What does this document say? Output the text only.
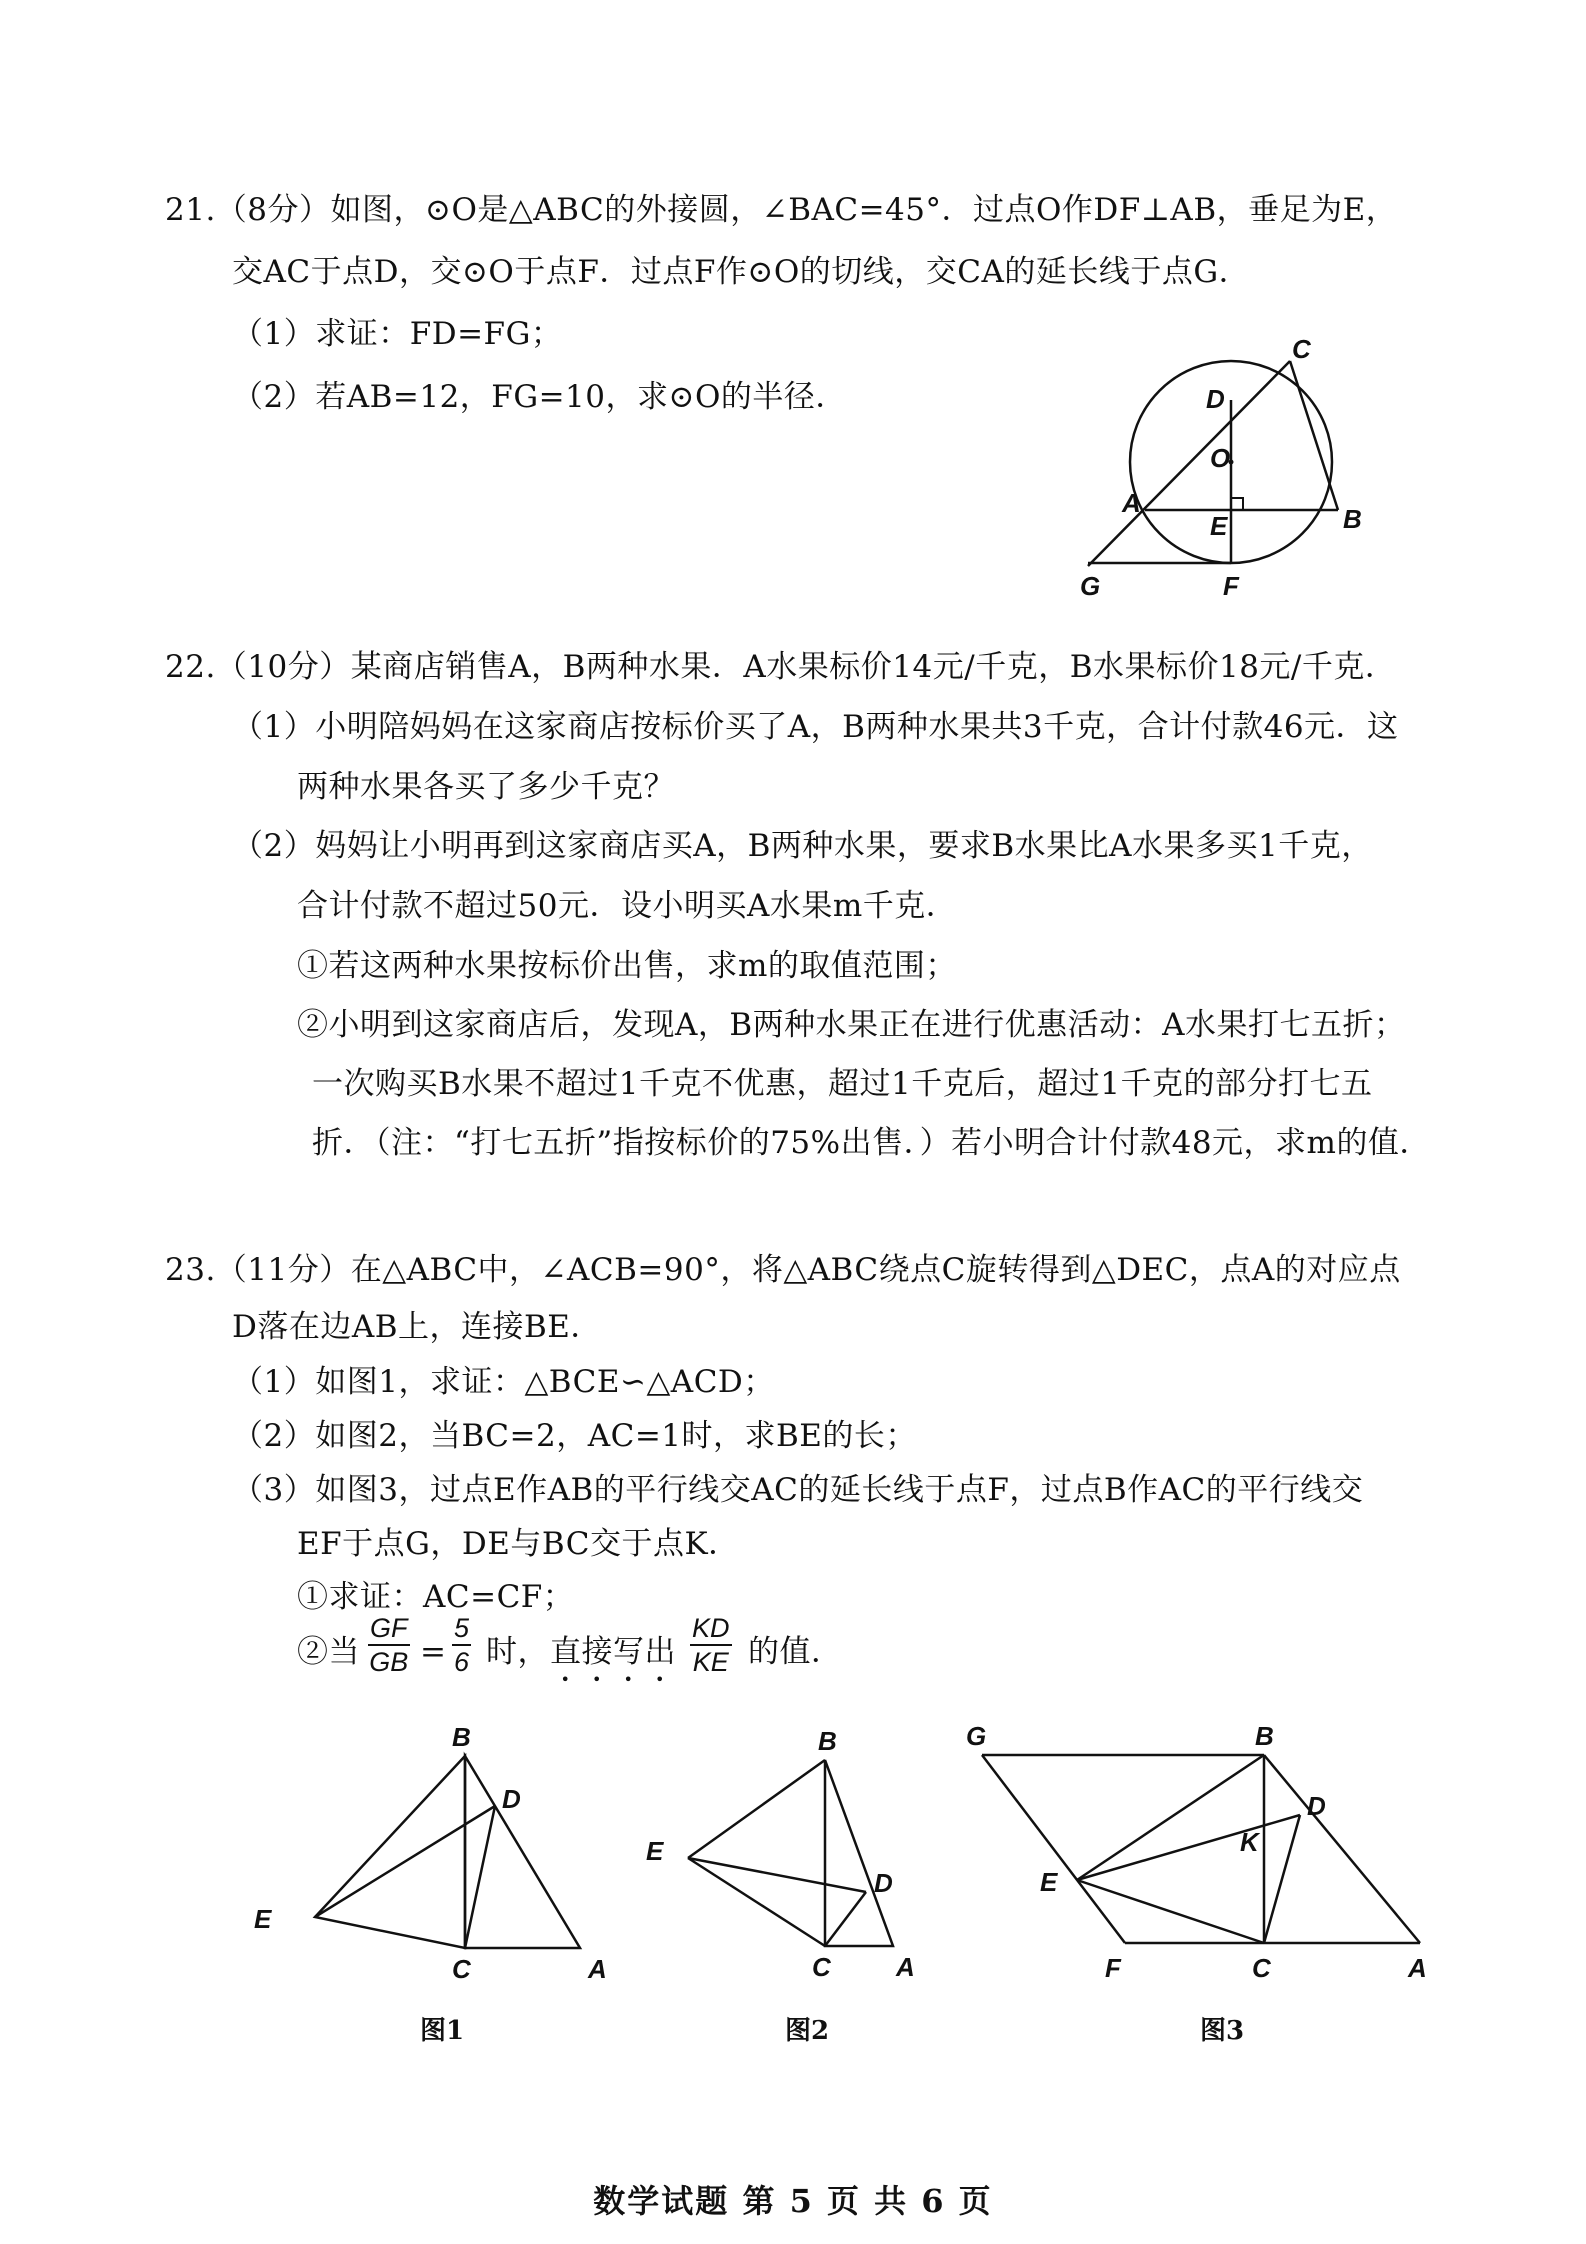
21.（8分）如图，⊙O是△ABC的外接圆，∠BAC=45°．过点O作DF⊥AB，垂足为E，
交AC于点D，交⊙O于点F．过点F作⊙O的切线，交CA的延长线于点G．
（1）求证：FD=FG；
（2）若AB=12，FG=10，求⊙O的半径．
C
D
O
A
E	B
G	F
22.（10分）某商店销售A，B两种水果．A水果标价14元/千克，B水果标价18元/千克．
（1）小明陪妈妈在这家商店按标价买了A，B两种水果共3千克，合计付款46元．这
两种水果各买了多少千克？
（2）妈妈让小明再到这家商店买A，B两种水果，要求B水果比A水果多买1千克，
合计付款不超过50元．设小明买A水果m千克．
①若这两种水果按标价出售，求m的取值范围；
②小明到这家商店后，发现A，B两种水果正在进行优惠活动：A水果打七五折；
一次购买B水果不超过1千克不优惠，超过1千克后，超过1千克的部分打七五
折．（注：“打七五折”指按标价的75%出售．）若小明合计付款48元，求m的值．
23.（11分）在△ABC中，∠ACB=90°，将△ABC绕点C旋转得到△DEC，点A的对应点
D落在边AB上，连接BE．
（1）如图1，求证：△BCE∽△ACD；
（2）如图2，当BC=2，AC=1时，求BE的长；
（3）如图3，过点E作AB的平行线交AC的延长线于点F，过点B作AC的平行线交
EF于点G，DE与BC交于点K．
①求证：AC=CF；
②当 $\frac{GF}{GB} = \frac{5}{6}$ 时， 直接写出 $\frac{KD}{KE}$ 的值．
B
D
E
C	A
图1
B
E
D
C	A
图2
G	B
D
K
E
F	C	A
图3
数学试题 第 5 页 共 6 页
